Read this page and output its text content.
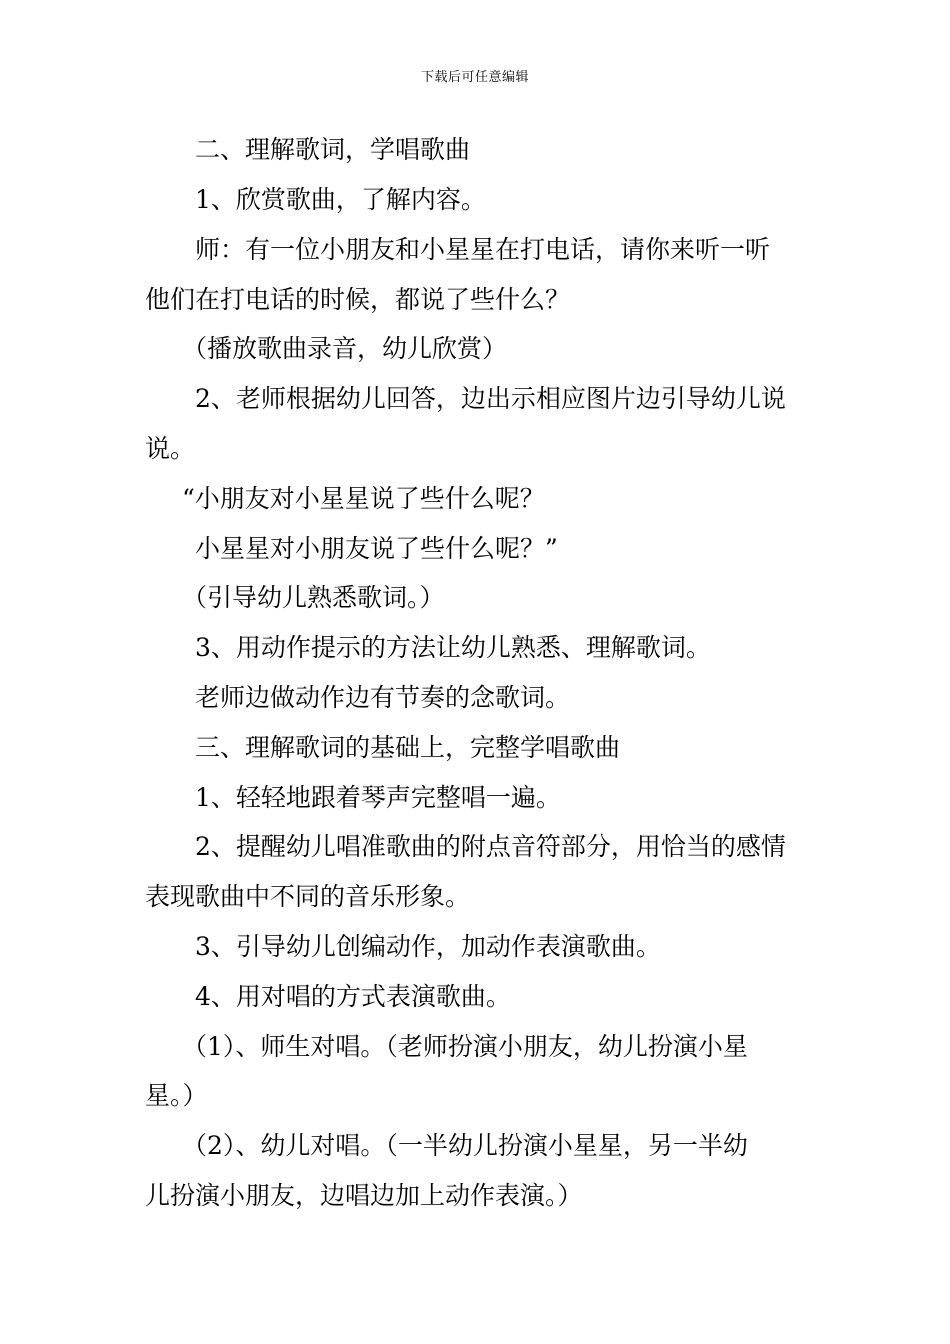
下载后可任意编辑
二、理解歌词，学唱歌曲
1、欣赏歌曲，了解内容。
师：有一位小朋友和小星星在打电话，请你来听一听
他们在打电话的时候，都说了些什么？
（播放歌曲录音，幼儿欣赏）
2、老师根据幼儿回答，边出示相应图片边引导幼儿说
说。
“小朋友对小星星说了些什么呢？
小星星对小朋友说了些什么呢？”
（引导幼儿熟悉歌词。）
3、用动作提示的方法让幼儿熟悉、理解歌词。
老师边做动作边有节奏的念歌词。
三、理解歌词的基础上，完整学唱歌曲
1、轻轻地跟着琴声完整唱一遍。
2、提醒幼儿唱准歌曲的附点音符部分，用恰当的感情
表现歌曲中不同的音乐形象。
3、引导幼儿创编动作，加动作表演歌曲。
4、用对唱的方式表演歌曲。
（1）、师生对唱。（老师扮演小朋友，幼儿扮演小星
星。）
（2）、幼儿对唱。（一半幼儿扮演小星星，另一半幼
儿扮演小朋友，边唱边加上动作表演。）
